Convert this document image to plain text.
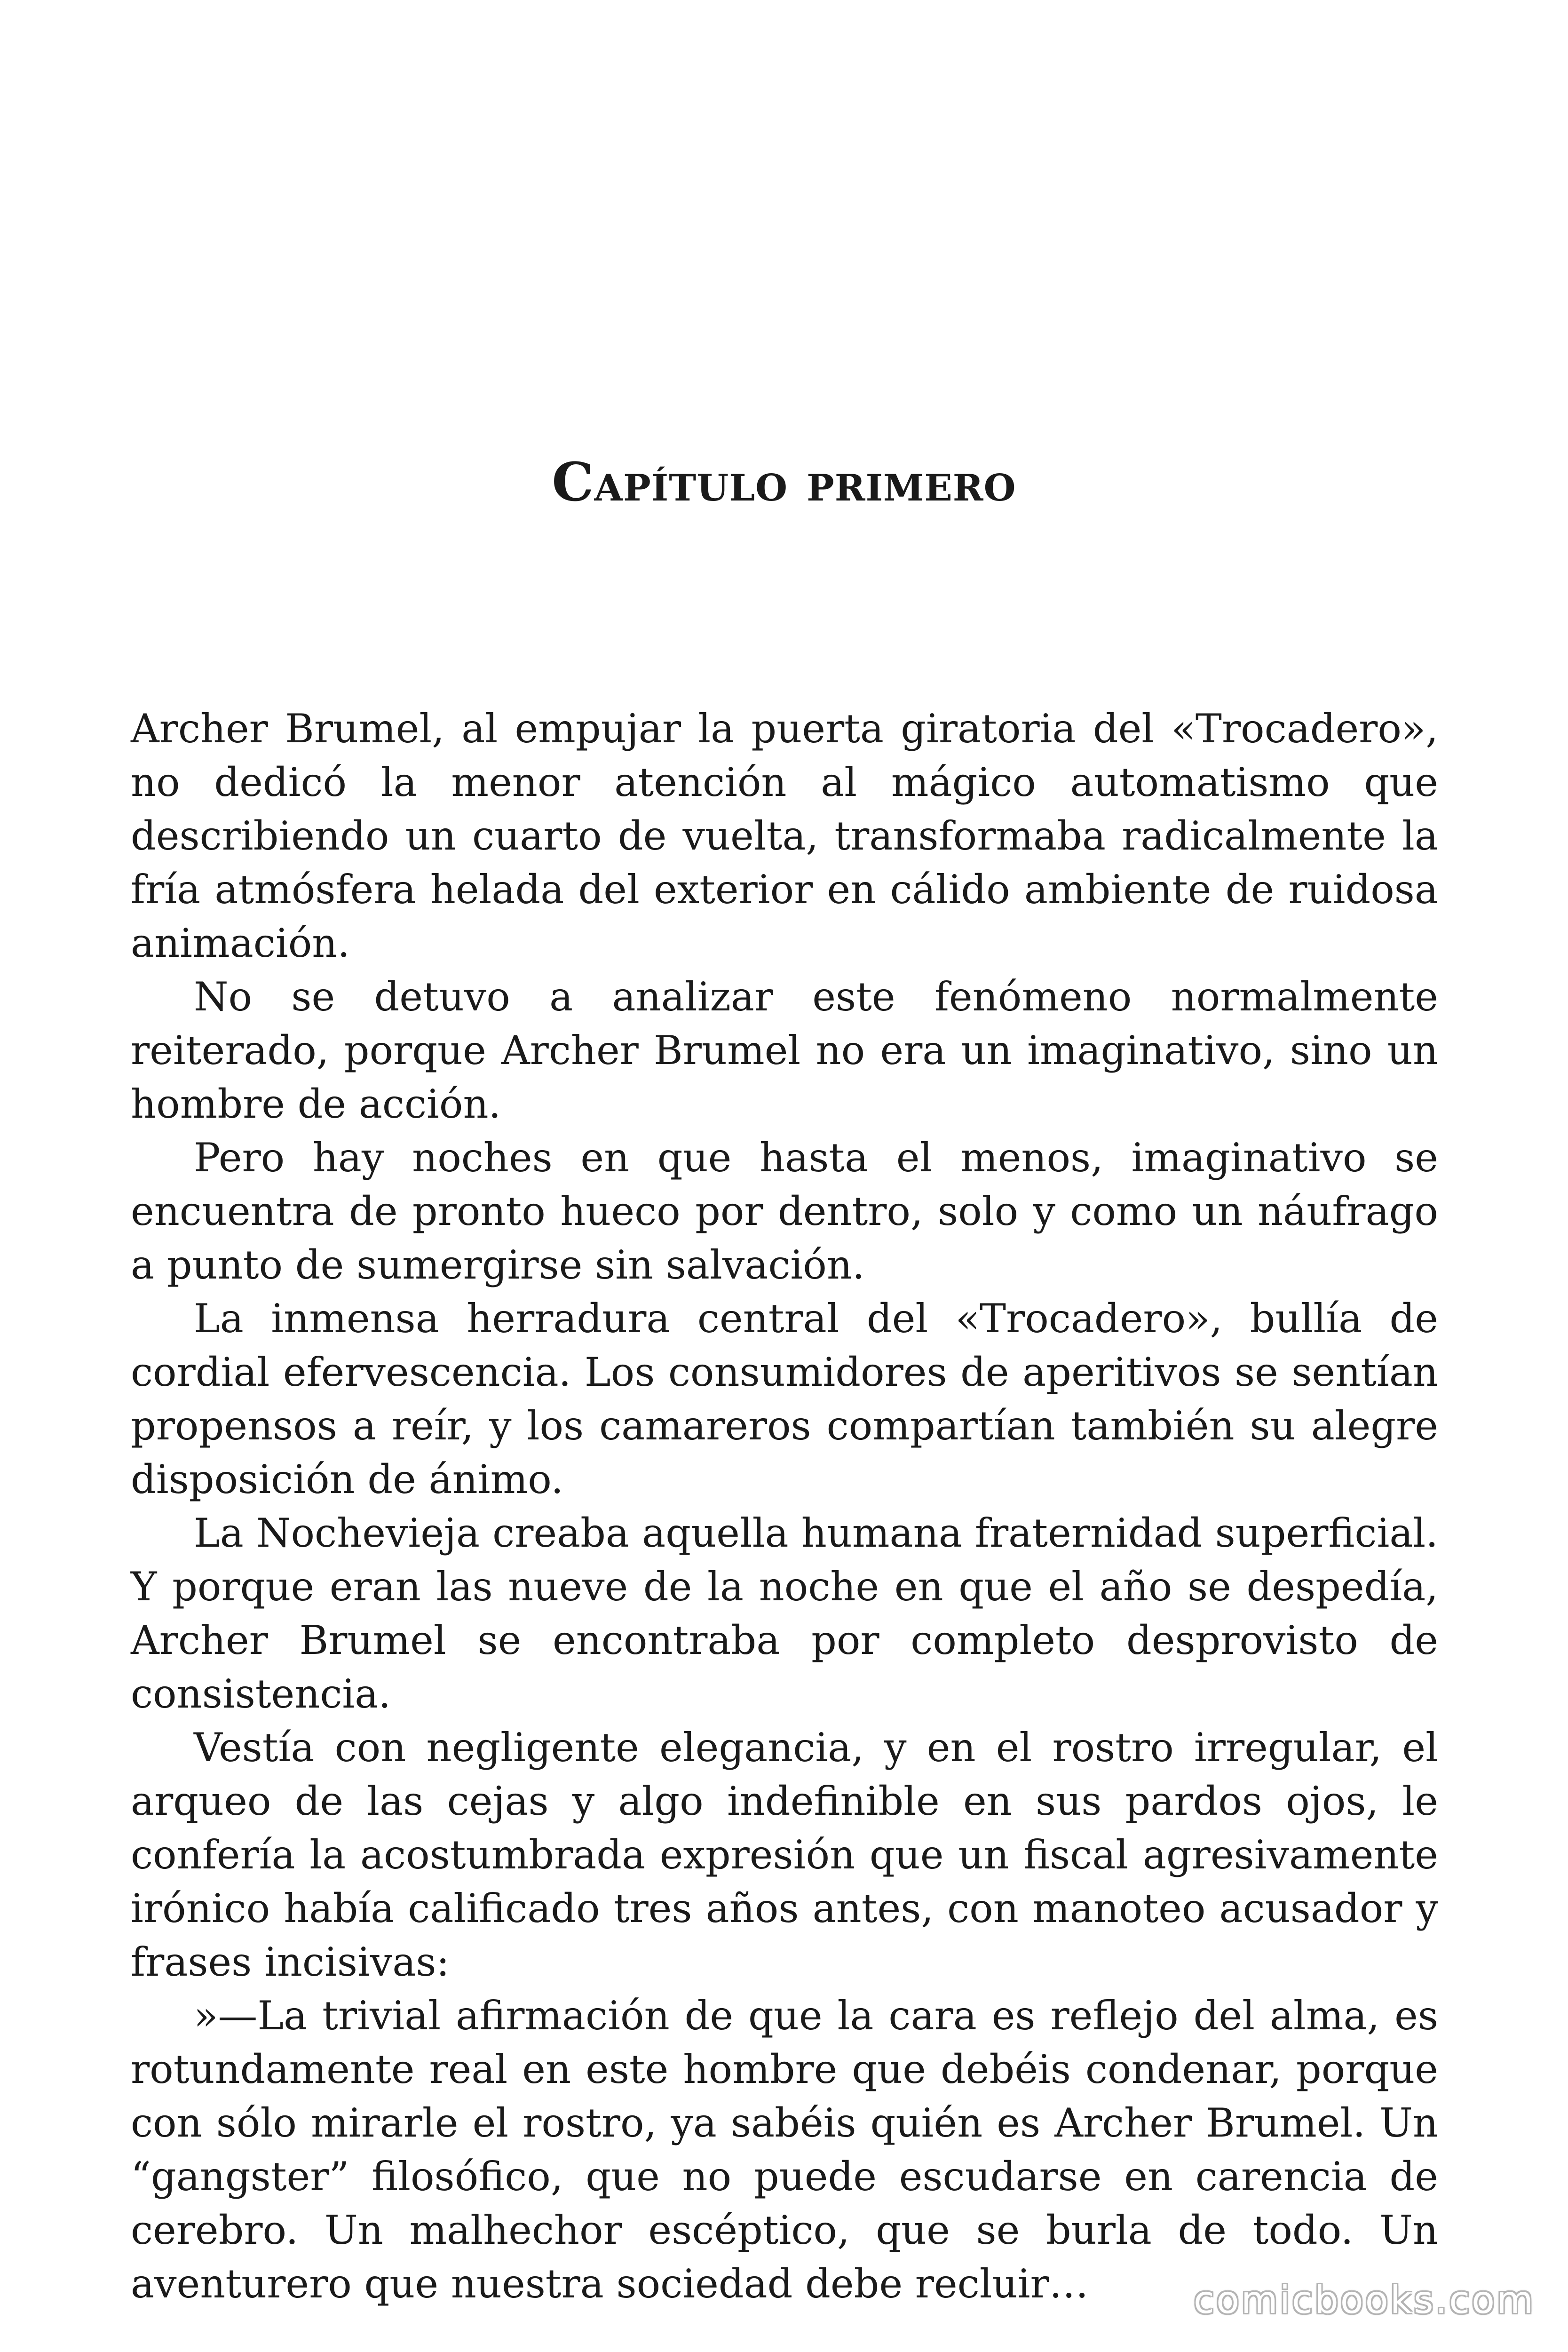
Capítulo primero

Archer Brumel, al empujar la puerta giratoria del «Trocadero», no dedicó la menor atención al mágico automatismo que describiendo un cuarto de vuelta, transformaba radicalmente la fría atmósfera helada del exterior en cálido ambiente de ruidosa animación.

No se detuvo a analizar este fenómeno normalmente reiterado, porque Archer Brumel no era un imaginativo, sino un hombre de acción.

Pero hay noches en que hasta el menos, imaginativo se encuentra de pronto hueco por dentro, solo y como un náufrago a punto de sumergirse sin salvación.

La inmensa herradura central del «Trocadero», bullía de cordial efervescencia. Los consumidores de aperitivos se sentían propensos a reír, y los camareros compartían también su alegre disposición de ánimo.

La Nochevieja creaba aquella humana fraternidad superficial. Y porque eran las nueve de la noche en que el año se despedía, Archer Brumel se encontraba por completo desprovisto de consistencia.

Vestía con negligente elegancia, y en el rostro irregular, el arqueo de las cejas y algo indefinible en sus pardos ojos, le confería la acostumbrada expresión que un fiscal agresivamente irónico había calificado tres años antes, con manoteo acusador y frases incisivas:

»—La trivial afirmación de que la cara es reflejo del alma, es rotundamente real en este hombre que debéis condenar, porque con sólo mirarle el rostro, ya sabéis quién es Archer Brumel. Un “gangster” filosófico, que no puede escudarse en carencia de cerebro. Un malhechor escéptico, que se burla de todo. Un aventurero que nuestra sociedad debe recluir…	comicbooks.com
